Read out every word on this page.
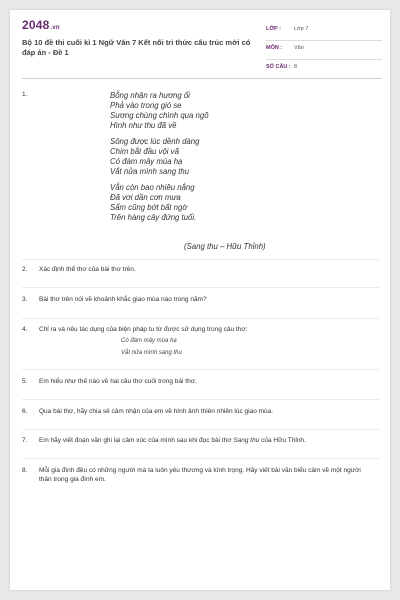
2048.vn
Bộ 10 đề thi cuối kì 1 Ngữ Văn 7 Kết nối tri thức cấu trúc mới có đáp án - Đề 1
LỚP : Lớp 7
MÔN : Văn
SỐ CÂU : 8
1.	Bỗng nhận ra hương ổi
Phả vào trong gió se
Sương chùng chình qua ngõ
Hình như thu đã về
Sông được lúc dềnh dàng
Chim bắt đầu vội vã
Có đám mây mùa hạ
Vắt nửa mình sang thu
Vẫn còn bao nhiêu nắng
Đã vơi dần cơn mưa
Sấm cũng bớt bất ngờ
Trên hàng cây đứng tuổi.
(Sang thu – Hữu Thỉnh)
2. Xác định thể thơ của bài thơ trên.
3. Bài thơ trên nói về khoảnh khắc giao mùa nào trong năm?
4. Chỉ ra và nêu tác dụng của biện pháp tu từ được sử dụng trong câu thơ:
Có đám mây mùa hạ
Vắt nửa mình sang thu
5. Em hiểu như thế nào về hai câu thơ cuối trong bài thơ.
6. Qua bài thơ, hãy chia sẻ cảm nhận của em về hình ảnh thiên nhiên lúc giao mùa.
7. Em hãy viết đoạn văn ghi lại cảm xúc của mình sau khi đọc bài thơ Sang thu của Hữu Thỉnh.
8. Mỗi gia đình đều có những người mà ta luôn yêu thương và kính trọng. Hãy viết bài văn biểu cảm về một người thân trong gia đình em.
